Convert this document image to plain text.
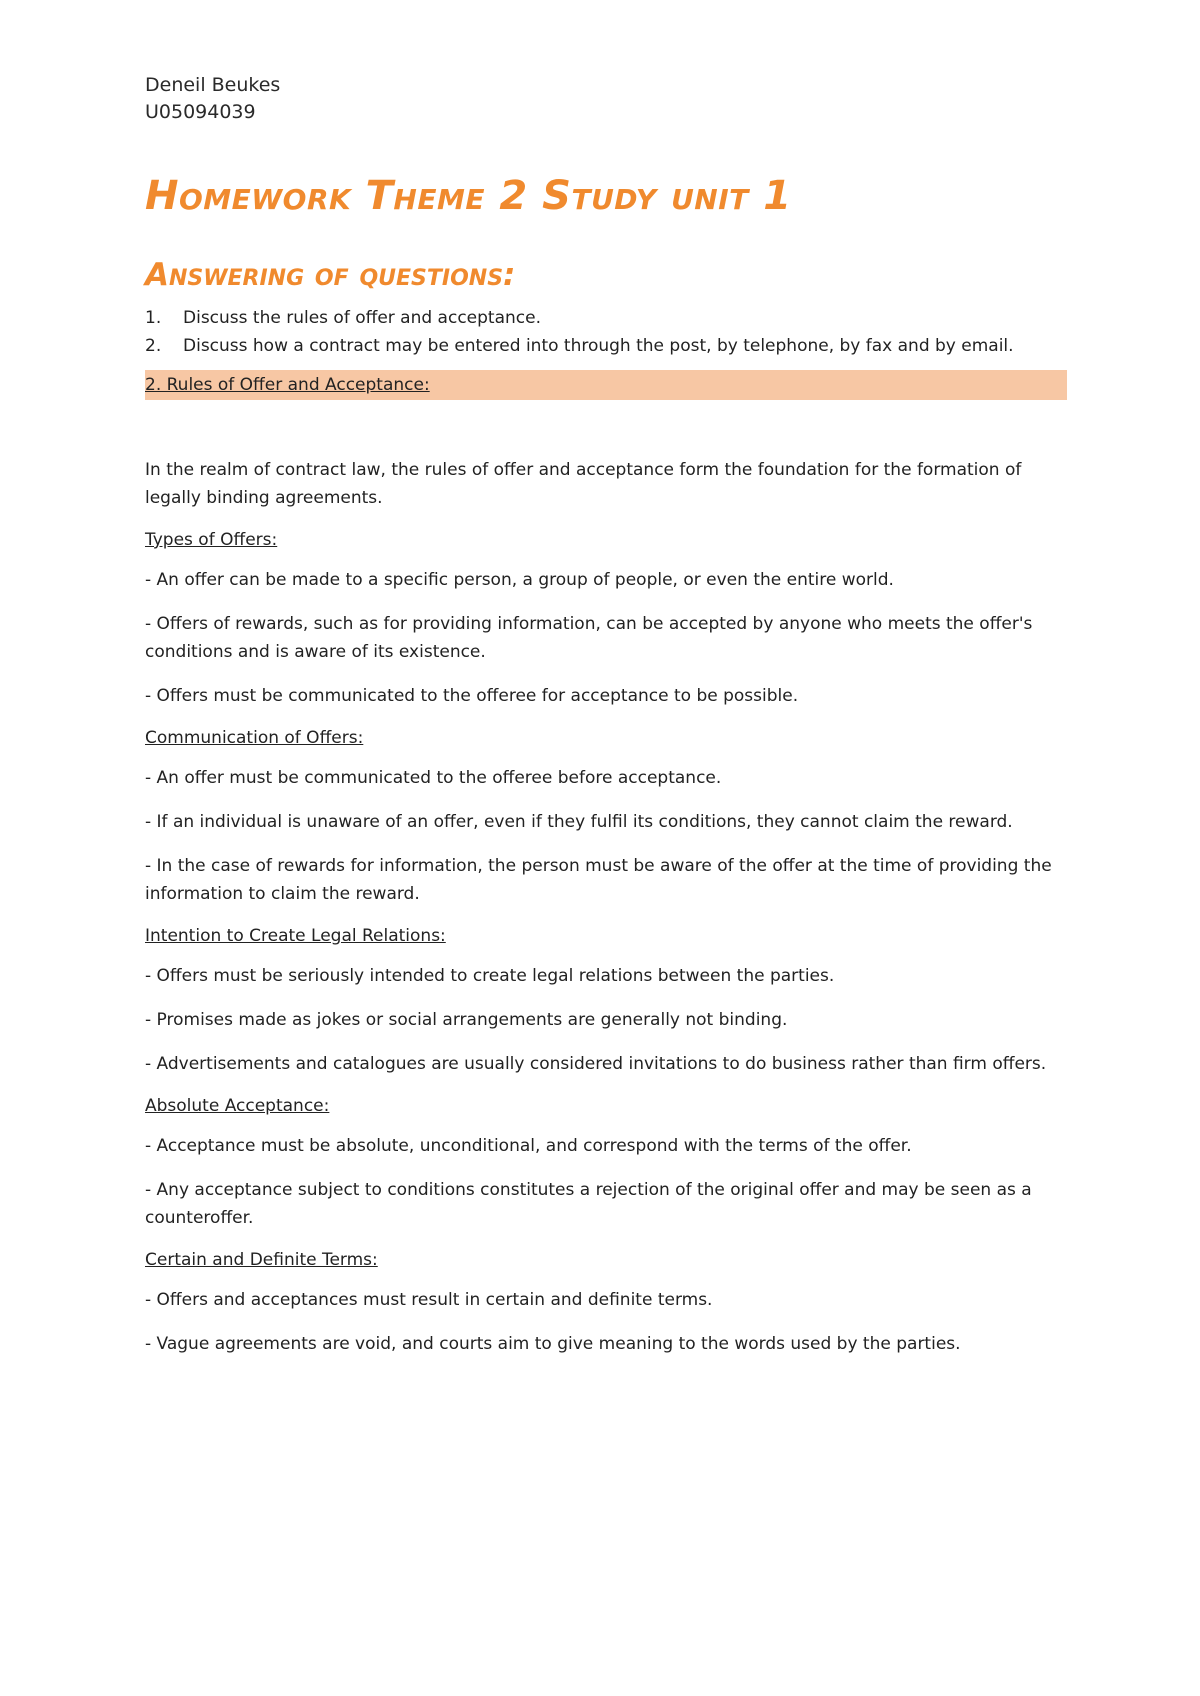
Deneil Beukes
U05094039
Homework Theme 2 Study unit 1
Answering of questions:
1.	Discuss the rules of offer and acceptance.
2.	Discuss how a contract may be entered into through the post, by telephone, by fax and by email.
2. Rules of Offer and Acceptance:
In the realm of contract law, the rules of offer and acceptance form the foundation for the formation of legally binding agreements.
Types of Offers:
- An offer can be made to a specific person, a group of people, or even the entire world.
- Offers of rewards, such as for providing information, can be accepted by anyone who meets the offer's conditions and is aware of its existence.
- Offers must be communicated to the offeree for acceptance to be possible.
Communication of Offers:
- An offer must be communicated to the offeree before acceptance.
- If an individual is unaware of an offer, even if they fulfil its conditions, they cannot claim the reward.
- In the case of rewards for information, the person must be aware of the offer at the time of providing the information to claim the reward.
Intention to Create Legal Relations:
- Offers must be seriously intended to create legal relations between the parties.
- Promises made as jokes or social arrangements are generally not binding.
- Advertisements and catalogues are usually considered invitations to do business rather than firm offers.
Absolute Acceptance:
- Acceptance must be absolute, unconditional, and correspond with the terms of the offer.
- Any acceptance subject to conditions constitutes a rejection of the original offer and may be seen as a counteroffer.
Certain and Definite Terms:
- Offers and acceptances must result in certain and definite terms.
- Vague agreements are void, and courts aim to give meaning to the words used by the parties.
